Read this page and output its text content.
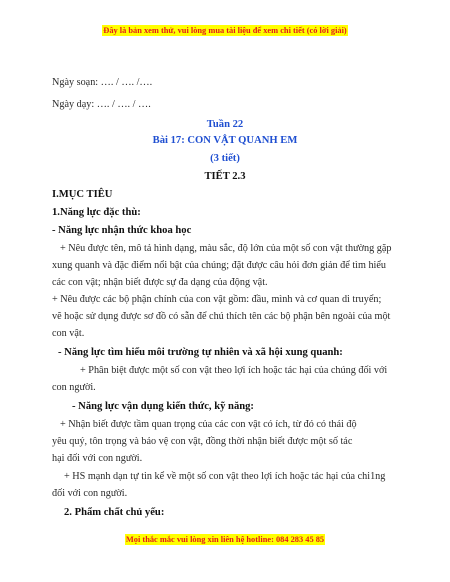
Đây là bản xem thử, vui lòng mua tài liệu để xem chi tiết (có lời giải)
Ngày soạn: …. / …. /….
Ngày dạy: …. / …. / ….
Tuần 22
Bài 17: CON VẬT QUANH EM
(3 tiết)
TIẾT 2.3
I.MỤC TIÊU
1.Năng lực đặc thù:
- Năng lực nhận thức khoa học
+ Nêu được tên, mô tả hình dạng, màu sắc, độ lớn của một số con vật thường gặp
xung quanh và đặc điểm nổi bật của chúng; đặt được câu hỏi đơn giản để tìm hiểu
các con vật; nhận biết được sự đa dạng của động vật.
+ Nêu được các bộ phận chính của con vật gồm: đầu, mình và cơ quan di truyển;
vẽ hoặc sử dụng được sơ đồ có sẵn để chú thích tên các bộ phận bên ngoài của một
con vật.
- Năng lực tìm hiểu môi trường tự nhiên và xã hội xung quanh:
+ Phân biệt được một số con vật theo lợi ích hoặc tác hại của chúng đối với
con người.
- Năng lực vận dụng kiến thức, kỹ năng:
+ Nhận biết được tầm quan trọng của các con vật có ích, từ đó có thái độ
yêu quý, tôn trọng và bảo vệ con vật, đồng thời nhận biết được một số tác
hại đối với con người.
+ HS mạnh dạn tự tin kể về một số con vật theo lợi ích hoặc tác hại của chi1ng
đối với con người.
2. Phẩm chất chủ yếu:
Mọi thắc mắc vui lòng xin liên hệ hotline: 084 283 45 85
